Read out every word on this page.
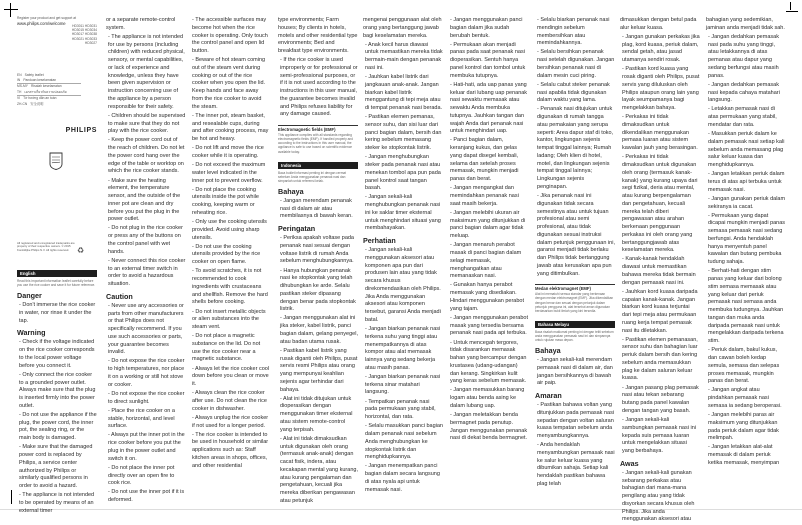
Register your product and get support at
www.philips.com/welcome HD3011 HD3031
HD3015 HD3034
HD3017 HD3038
HD3021 HD3033
HD3027
EN Safety leaflet
IN Panduan keselamatan
MS-MY Risalah keselamatan
TH เอกสารเกี่ยวกับความปลอดภัย
VI Tờ hướng dẫn an toàn
ZH-CN 安全说明
PHILIPS
All registered and unregistered trademarks are property of their respective owners. © 2015 Koninklijke Philips N.V. All rights reserved. ♻
English
Read this important information leaflet carefully before you use the rice cooker and save it for future reference.
Danger

- Don't immerse the rice cooker in water, nor rinse it under the tap.

Warning

- Check if the voltage indicated on the rice cooker corresponds to the local power voltage before you connect it.

- Only connect the rice cooker to a grounded power outlet. Always make sure that the plug is inserted firmly into the power outlet.

- Do not use the appliance if the plug, the power cord, the inner pot, the sealing ring, or the main body is damaged.

- Make sure that the damaged power cord is replaced by Philips, a service center authorized by Philips or similarly qualified persons in order to avoid a hazard.

- The appliance is not intended to be operated by means of an external timer

or a separate remote-control system.

- The appliance is not intended for use by persons (including children) with reduced physical, sensory, or mental capabilities, or lack of experience and knowledge, unless they have been given supervision or instruction concerning use of the appliance by a person responsible for their safety.

- Children should be supervised to make sure that they do not play with the rice cooker.

- Keep the power cord out of the reach of children. Do not let the power cord hang over the edge of the table or worktop on which the rice cooker stands.

- Make sure the heating element, the temperature sensor, and the outside of the inner pot are clean and dry before you put the plug in the power outlet.

- Do not plug in the rice cooker or press any of the buttons on the control panel with wet hands.

- Never connect this rice cooker to an external timer switch in order to avoid a hazardous situation.

Caution

- Never use any accessories or parts from other manufacturers or that Philips does not specifically recommend. If you use such accessories or parts, your guarantee becomes invalid.

- Do not expose the rice cooker to high temperatures, nor place it on a working or still hot stove or cooker.

- Do not expose the rice cooker to direct sunlight.

- Place the rice cooker on a stable, horizontal, and level surface.

- Always put the inner pot in the rice cooker before you put the plug in the power outlet and switch it on.

- Do not place the inner pot directly over an open fire to cook rice.

- Do not use the inner pot if it is deformed.

- The accessible surfaces may become hot when the rice cooker is operating. Only touch the control panel and open lid button.

- Beware of hot steam coming out of the steam vent during cooking or out of the rice cooker when you open the lid. Keep hands and face away from the rice cooker to avoid the steam.

- The inner pot, steam basket, and resealable cups, during and after cooking process, may be hot and heavy.

- Do not lift and move the rice cooker while it is operating.

- Do not exceed the maximum water level indicated in the inner pot to prevent overflow.

- Do not place the cooking utensils inside the pot while cooking, keeping warm or reheating rice.

- Only use the cooking utensils provided. Avoid using sharp utensils.

- Do not use the cooking utensils provided by the rice cooker on open flame.

- To avoid scratches, it is not recommended to cook ingredients with crustaceans and shellfish. Remove the hard shells before cooking.

- Do not insert metallic objects or alien substances into the steam vent.

- Do not place a magnetic substance on the lid. Do not use the rice cooker near a magnetic substance.

- Always let the rice cooker cool down before you clean or move it.

- Always clean the rice cooker after use. Do not clean the rice cooker in dishwasher.

- Always unplug the rice cooker if not used for a longer period.

- The rice cooker is intended to be used in household or similar applications such as: Staff kitchen areas in shops, offices, and other residential

type environments; Farm houses; By clients in hotels, motels and other residential type environments; Bed and breakfast type environments.

- If the rice cooker is used improperly or for professional or semi-professional purposes, or if it is not used according to the instructions in this user manual, the guarantee becomes invalid and Philips refuses liability for any damage caused.

Electromagnetic fields (EMF)
This appliance complies with all standards regarding electromagnetic fields (EMF). If handled properly and according to the instructions in this user manual, the appliance is safe to use based on scientific evidence available today.
Indonesia
Baca buklet informasi penting ini dengan cermat sebelum Anda menggunakan penanak nasi dan simpanlah untuk referensi kelak.
Bahaya

- Jangan merendam penanak nasi di dalam air atau membilasnya di bawah keran.

Peringatan

- Periksa apakah voltase pada penanak nasi sesuai dengan voltase listrik di rumah Anda sebelum menghubungkannya.

- Hanya hubungkan penanak nasi ke stopkontak yang telah dihubungkan ke arde. Selalu pastikan steker dipasang dengan benar pada stopkontak listrik.

- Jangan menggunakan alat ini jika steker, kabel listrik, panci bagian dalam, gelang penyegel, atau badan utama rusak.

- Pastikan kabel listrik yang rusak diganti oleh Philips, pusat servis resmi Philips atau orang yang mempunyai keahlian sejenis agar terhindar dari bahaya.

- Alat ini tidak ditujukan untuk dioperasikan dengan menggunakan timer eksternal atau sistem remote-control yang terpisah.

- Alat ini tidak dimaksudkan untuk digunakan oleh orang (termasuk anak-anak) dengan cacat fisik, indera, atau kecakapan mental yang kurang, atau kurang pengalaman dan pengetahuan, kecuali jika mereka diberikan pengawasan atau petunjuk

mengenai penggunaan alat oleh orang yang bertanggung jawab bagi keselamatan mereka.

- Anak kecil harus diawasi untuk memastikan mereka tidak bermain-main dengan penanak nasi ini.

- Jauhkan kabel listrik dari jangkauan anak-anak. Jangan biarkan kabel listrik menggantung di tepi meja atau di tempat penanak nasi berada.

- Pastikan elemen pemanas, sensor suhu, dan sisi luar dari panci bagian dalam, bersih dan kering sebelum memasang steker ke stopkontak listrik.

- Jangan menghubungkan steker pada penanak nasi atau menekan tombol apa pun pada panel kontrol saat tangan basah.

- Jangan sekali-kali menghubungkan penanak nasi ini ke saklar timer eksternal untuk menghindari situasi yang membahayakan.

Perhatian

- Jangan sekali-kali menggunakan aksesori atau komponen apa pun dari produsen lain atau yang tidak secara khusus direkomendasikan oleh Philips. Jika Anda menggunakan aksesori atau komponen tersebut, garansi Anda menjadi batal.

- Jangan biarkan penanak nasi terkena suhu yang tinggi atau menempatkannya di atas kompor atau alat memasak lainnya yang sedang bekerja atau masih panas.

- Jangan biarkan penanak nasi terkena sinar matahari langsung.

- Tempatkan penanak nasi pada permukaan yang stabil, horizontal, dan rata.

- Selalu masukkan panci bagian dalam penanak nasi sebelum Anda menghubungkan ke stopkontak listrik dan menghidupkannya.

- Jangan menempatkan panci bagian dalam secara langsung di atas nyala api untuk memasak nasi.

- Jangan menggunakan panci bagian dalam jika sudah berubah bentuk.

- Permukaan akan menjadi panas pada saat penanak nasi dioperasikan. Sentuh hanya panel kontrol dan tombol untuk membuka tutupnya.

- Hati-hati, ada uap panas yang keluar dari lubang uap penanak nasi sewaktu memasak atau sewaktu Anda membuka tutupnya. Jauhkan tangan dan wajah Anda dari penanak nasi untuk menghindari uap.

- Panci bagian dalam, keranjang kukus, dan gelas yang dapat disegel kembali, selama dan setelah proses memasak, mungkin menjadi panas dan berat.

- Jangan mengangkat dan memindahkan penanak nasi saat masih bekerja.

- Jangan melebihi ukuran air maksimum yang ditunjukkan di panci bagian dalam agar tidak meluap.

- Jangan menaruh perabot masak di panci bagian dalam selagi memasak, menghangatkan atau memanaskan nasi.

- Gunakan hanya perabot memasak yang disediakan. Hindari menggunakan perabot yang tajam.

- Jangan menggunakan perabot masak yang tersedia bersama penanak nasi pada api terbuka.

- Untuk mencegah tergores, tidak disarankan memasak bahan yang bercampur dengan krustasea (udang-udangan) dan kerang. Singkirkan kulit yang keras sebelum memasak.

- Jangan memasukkan barang logam atau benda asing ke dalam lubang uap.

- Jangan meletakkan benda bermagnet pada penutup. Jangan menggunakan penanak nasi di dekat benda bermagnet.

- Selalu biarkan penanak nasi mendingin sebelum membersihkan atau memindahkannya.

- Selalu bersihkan penanak nasi setelah digunakan. Jangan bersihkan penanak nasi di dalam mesin cuci piring.

- Selalu cabut steker penanak nasi apabila tidak digunakan dalam waktu yang lama.

- Penanak nasi ditujukan untuk digunakan di rumah tangga atau pemakaian yang serupa seperti: Area dapur staf di toko, kantor, lingkungan sejenis tempat tinggal lainnya; Rumah ladang; Oleh klien di hotel, motel, dan lingkungan sejenis tempat tinggal lainnya; Lingkungan sejenis penginapan.

- Jika penanak nasi ini digunakan tidak secara semestinya atau untuk tujuan profesional atau semi profesional, atau tidak digunakan sesuai instruksi dalam petunjuk penggunaan ini, garansi menjadi tidak berlaku dan Philips tidak bertanggung jawab atas kerusakan apa pun yang ditimbulkan.

Medan elektromagnet (EMF)
Alat ini mematuhi semua standar yang berkenaan dengan medan elektromagnet (EMF). Jika dikendalikan dengan benar dan sesuai dengan petunjuk dalam petunjuk pengguna ini, alat tersebut aman digunakan berdasarkan bukti ilmiah yang kini tersedia.
Bahasa Melayu
Baca risalah maklumat penting ini dengan teliti sebelum anda menggunakan pemasak nasi ini dan simpannya untuk rujukan masa depan.
Bahaya

- Jangan sekali-kali merendam pemasak nasi di dalam air, dan jangan bersihkannya di bawah air paip.

Amaran

- Pastikan bahawa voltan yang ditunjukkan pada pemasak nasi sepadan dengan voltan saluran kuasa tempatan sebelum anda menyambungkannya.

- Anda hendaklah menyambungkan pemasak nasi ke salur keluar kuasa yang dibumikan sahaja. Setiap kali hendaklah pastikan bahawa plag telah

dimasukkan dengan betul pada alur keluar kuasa.

- Jangan gunakan perkakas jika plag, kord kuasa, periuk dalam, sendal getah, atau jasad utamanya sendiri rosak.

- Pastikan kord kuasa yang rosak diganti oleh Philips, pusat servis yang diluluskan oleh Philips ataupun orang lain yang layak seumpamanya bagi mengelakkan bahaya.

- Perkakas ini tidak dimaksudkan untuk dikendalikan menggunakan pemasa luaran atau sistem kawalan jauh yang berasingan.

- Perkakas ini tidak dimaksudkan untuk digunakan oleh orang (termasuk kanak-kanak) yang kurang upaya dari segi fizikal, deria atau mental, atau kurang berpengalaman dan pengetahuan, kecuali mereka telah diberi pengawasan atau arahan berkenaan penggunaan perkakas ini oleh orang yang bertanggungjawab atas keselamatan mereka.

- Kanak-kanak hendaklah diawasi untuk memastikan bahawa mereka tidak bermain dengan pemasak nasi ini.

- Jauhkan kord kuasa daripada capaian kanak-kanak. Jangan biarkan kord kuasa terjuntai dari tepi meja atau permukaan ruang kerja tempat pemasak nasi itu diletakkan.

- Pastikan elemen pemanasan, sensor suhu dan bahagian luar periuk dalam bersih dan kering sebelum anda memasukkan plag ke dalam saluran keluar kuasa.

- Jangan pasang plag pemasak nasi atau tekan sebarang butang pada panel kawalan dengan tangan yang basah.

- Jangan sekali-kali sambungkan pemasak nasi ini kepada suis pemasa luaran untuk mengelakkan situasi yang berbahaya.

Awas

- Jangan sekali-kali gunakan sebarang perkakas atau bahagian dari mana-mana pengilang atau yang tidak disyorkan secara khusus oleh Philips. Jika anda menggunakan aksesori atau

bahagian yang sedemikian, jaminan anda menjadi tidak sah.

- Jangan dedahkan pemasak nasi pada suhu yang tinggi, atau letakkannya di atas pemanas atau dapur yang sedang berfungsi atau masih panas.

- Jangan dedahkan pemasak nasi kepada cahaya matahari langsung.

- Letakkan pemasak nasi di atas permukaan yang stabil, mendatar dan rata.

- Masukkan periuk dalam ke dalam pemasak nasi setiap kali sebelum anda memasang plag salur keluar kuasa dan menghidupkannya.

- Jangan letakkan periuk dalam terus di atas api terbuka untuk memasak nasi.

- Jangan gunakan periuk dalam sekiranya ia cacat.

- Permukaan yang dapat dicapai mungkin menjadi panas semasa pemasak nasi sedang berfungsi. Anda hendaklah hanya menyentuh panel kawalan dan butang pembuka tudung sahaja.

- Berhati-hati dengan stim panas yang keluar dari bolong stim semasa memasak atau yang keluar dari periuk pemasak nasi semasa anda membuka tudungnya. Jauhkan tangan dan muka anda daripada pemasak nasi untuk mengelakkan daripada terkena stim.

- Periuk dalam, bakul kukus, dan cawan boleh kedap semula, semasa dan selepas proses memasak, mungkin panas dan berat.

- Jangan angkat atau pindahkan pemasak nasi semasa ia sedang beroperasi.

- Jangan melebihi paras air maksimum yang ditunjukkan pada periuk dalam agar tidak melimpah.

- Jangan letakkan alat-alat memasak di dalam periuk ketika memasak, menyimpan
